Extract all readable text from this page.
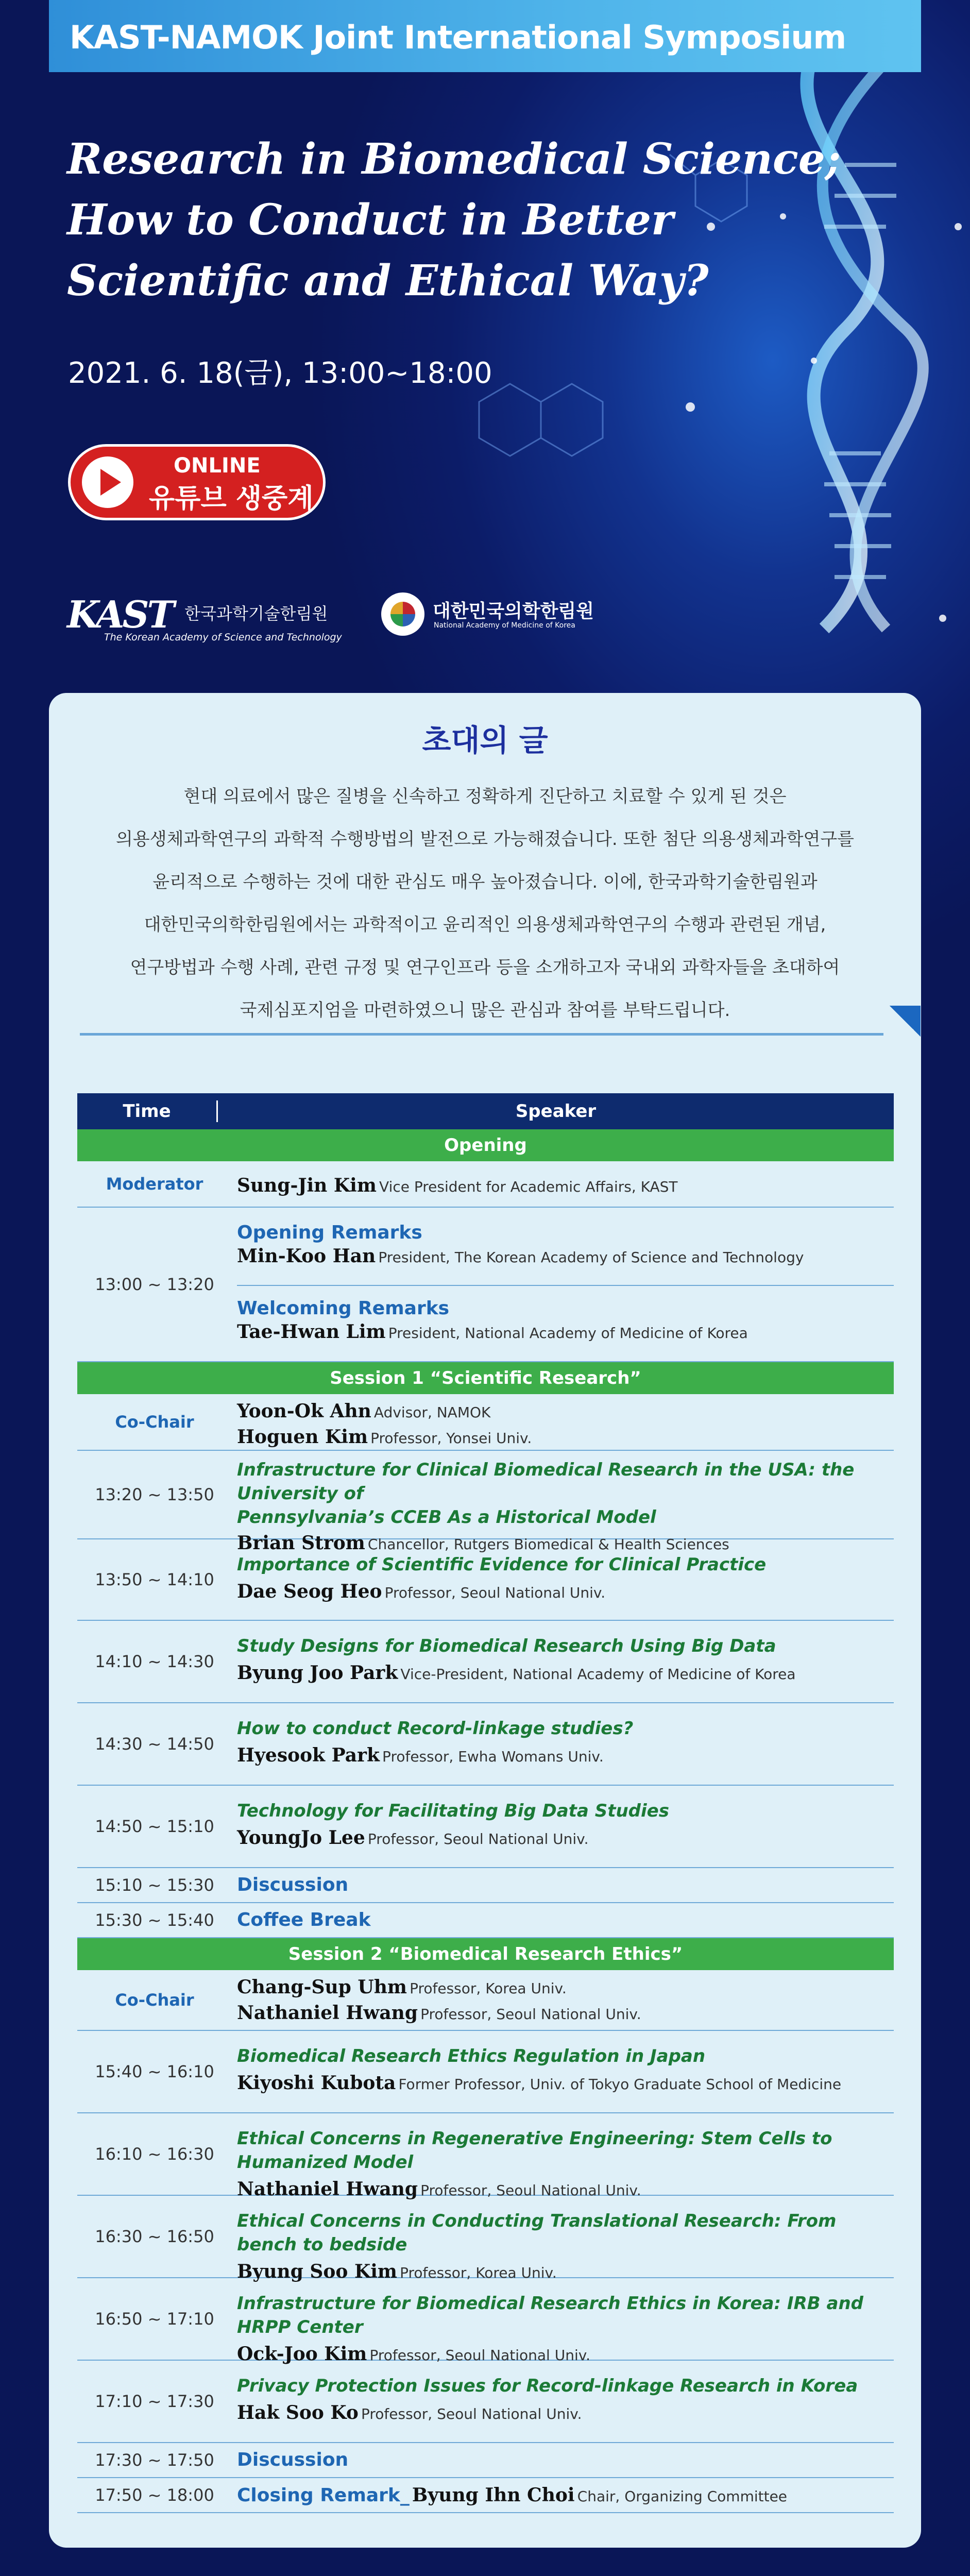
KAST-NAMOK Joint International Symposium
Research in Biomedical Science;
How to Conduct in Better
Scientific and Ethical Way?
2021. 6. 18(금), 13:00~18:00
ONLINE
유튜브 생중계
KAST 한국과학기술한림원
The Korean Academy of Science and Technology
대한민국의학한림원
National Academy of Medicine of Korea
초대의 글
현대 의료에서 많은 질병을 신속하고 정확하게 진단하고 치료할 수 있게 된 것은
의용생체과학연구의 과학적 수행방법의 발전으로 가능해졌습니다. 또한 첨단 의용생체과학연구를
윤리적으로 수행하는 것에 대한 관심도 매우 높아졌습니다. 이에, 한국과학기술한림원과
대한민국의학한림원에서는 과학적이고 윤리적인 의용생체과학연구의 수행과 관련된 개념,
연구방법과 수행 사례, 관련 규정 및 연구인프라 등을 소개하고자 국내외 과학자들을 초대하여
국제심포지엄을 마련하였으니 많은 관심과 참여를 부탁드립니다.
Time	Speaker
Opening
Moderator	Sung-Jin Kim Vice President for Academic Affairs, KAST
13:00 ~ 13:20
Opening Remarks
Min-Koo Han President, The Korean Academy of Science and Technology
Welcoming Remarks
Tae-Hwan Lim President, National Academy of Medicine of Korea
Session 1 “Scientific Research”
Co-Chair	Yoon-Ok Ahn Advisor, NAMOK
Hoguen Kim Professor, Yonsei Univ.
13:20 ~ 13:50
Infrastructure for Clinical Biomedical Research in the USA: the University of
Pennsylvania’s CCEB As a Historical Model
Brian Strom Chancellor, Rutgers Biomedical & Health Sciences
13:50 ~ 14:10
Importance of Scientific Evidence for Clinical Practice
Dae Seog Heo Professor, Seoul National Univ.
14:10 ~ 14:30
Study Designs for Biomedical Research Using Big Data
Byung Joo Park Vice-President, National Academy of Medicine of Korea
14:30 ~ 14:50
How to conduct Record-linkage studies?
Hyesook Park Professor, Ewha Womans Univ.
14:50 ~ 15:10
Technology for Facilitating Big Data Studies
YoungJo Lee Professor, Seoul National Univ.
15:10 ~ 15:30	Discussion
15:30 ~ 15:40	Coffee Break
Session 2 “Biomedical Research Ethics”
Co-Chair
Chang-Sup Uhm Professor, Korea Univ.
Nathaniel Hwang Professor, Seoul National Univ.
15:40 ~ 16:10
Biomedical Research Ethics Regulation in Japan
Kiyoshi Kubota Former Professor, Univ. of Tokyo Graduate School of Medicine
16:10 ~ 16:30
Ethical Concerns in Regenerative Engineering: Stem Cells to Humanized Model
Nathaniel Hwang Professor, Seoul National Univ.
16:30 ~ 16:50
Ethical Concerns in Conducting Translational Research: From bench to bedside
Byung Soo Kim Professor, Korea Univ.
16:50 ~ 17:10
Infrastructure for Biomedical Research Ethics in Korea: IRB and HRPP Center
Ock-Joo Kim Professor, Seoul National Univ.
17:10 ~ 17:30
Privacy Protection Issues for Record-linkage Research in Korea
Hak Soo Ko Professor, Seoul National Univ.
17:30 ~ 17:50	Discussion
17:50 ~ 18:00	Closing Remark_ Byung Ihn Choi Chair, Organizing Committee
